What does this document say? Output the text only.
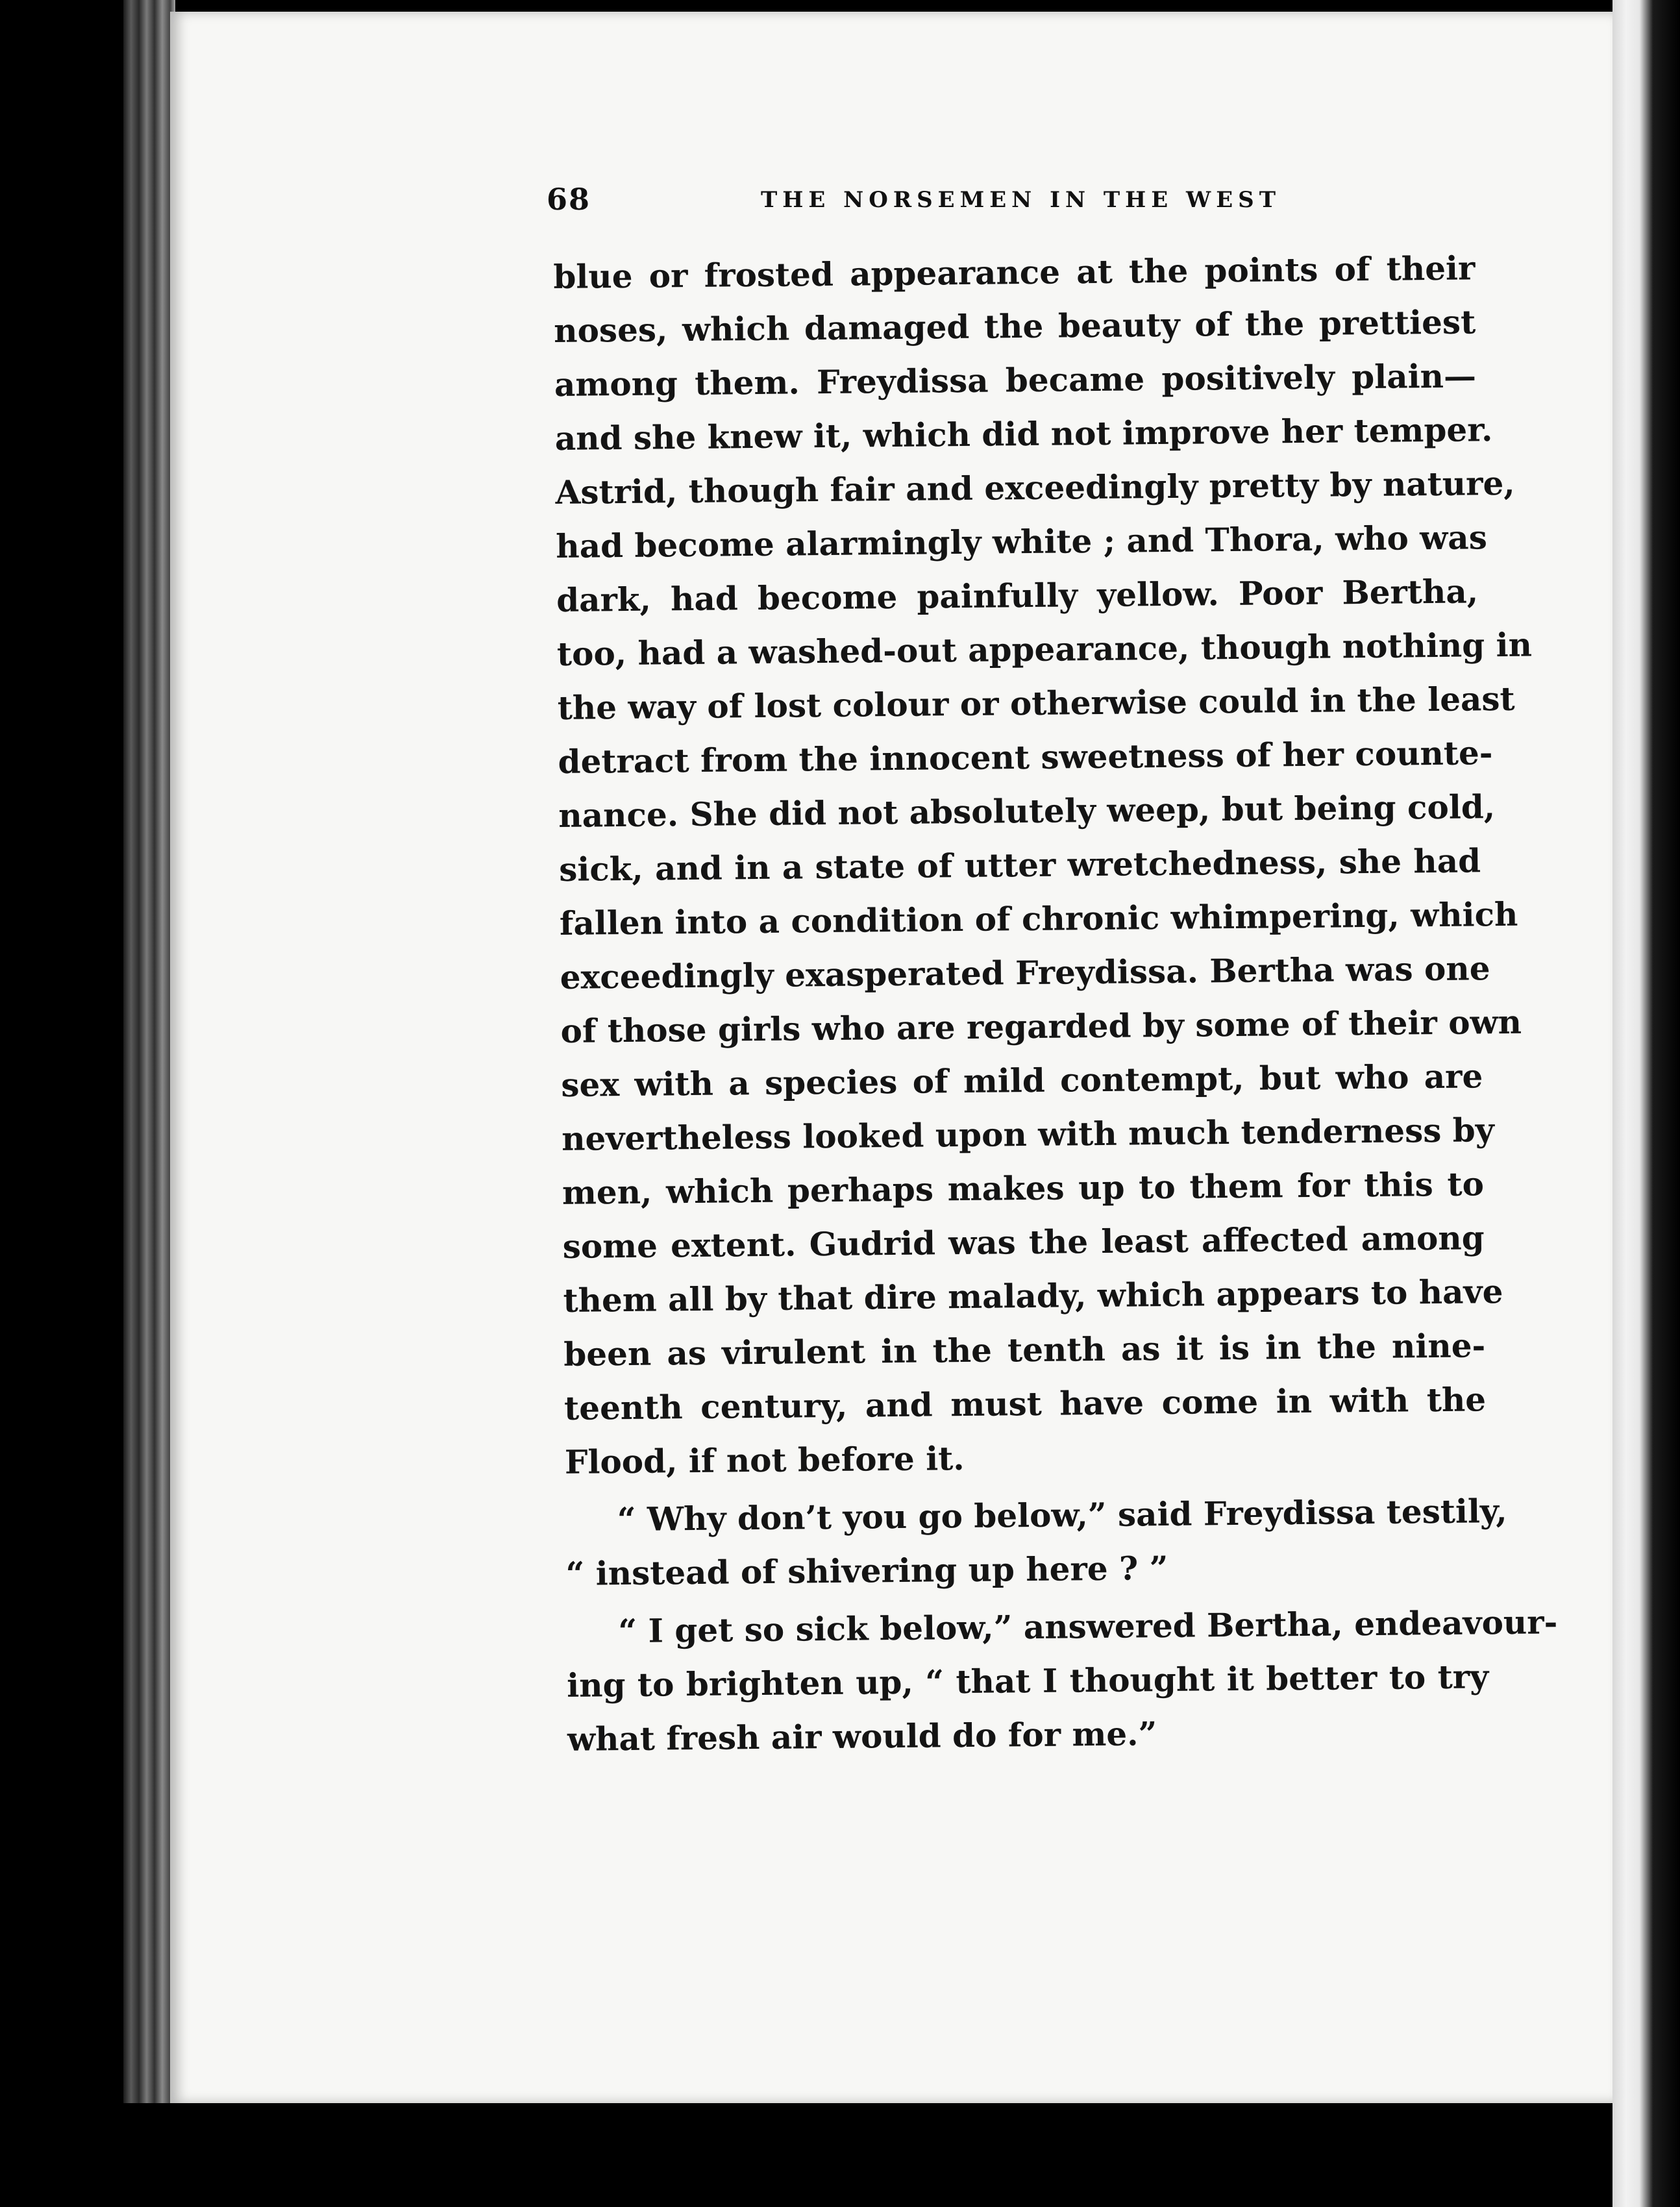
68	THE NORSEMEN IN THE WEST
blue or frosted appearance at the points of their
noses, which damaged the beauty of the prettiest
among them. Freydissa became positively plain—
and she knew it, which did not improve her temper.
Astrid, though fair and exceedingly pretty by nature,
had become alarmingly white ; and Thora, who was
dark, had become painfully yellow. Poor Bertha,
too, had a washed-out appearance, though nothing in
the way of lost colour or otherwise could in the least
detract from the innocent sweetness of her counte-
nance. She did not absolutely weep, but being cold,
sick, and in a state of utter wretchedness, she had
fallen into a condition of chronic whimpering, which
exceedingly exasperated Freydissa. Bertha was one
of those girls who are regarded by some of their own
sex with a species of mild contempt, but who are
nevertheless looked upon with much tenderness by
men, which perhaps makes up to them for this to
some extent. Gudrid was the least affected among
them all by that dire malady, which appears to have
been as virulent in the tenth as it is in the nine-
teenth century, and must have come in with the
Flood, if not before it.
“ Why don’t you go below,” said Freydissa testily,
“ instead of shivering up here ? ”
“ I get so sick below,” answered Bertha, endeavour-
ing to brighten up, “ that I thought it better to try
what fresh air would do for me.”
